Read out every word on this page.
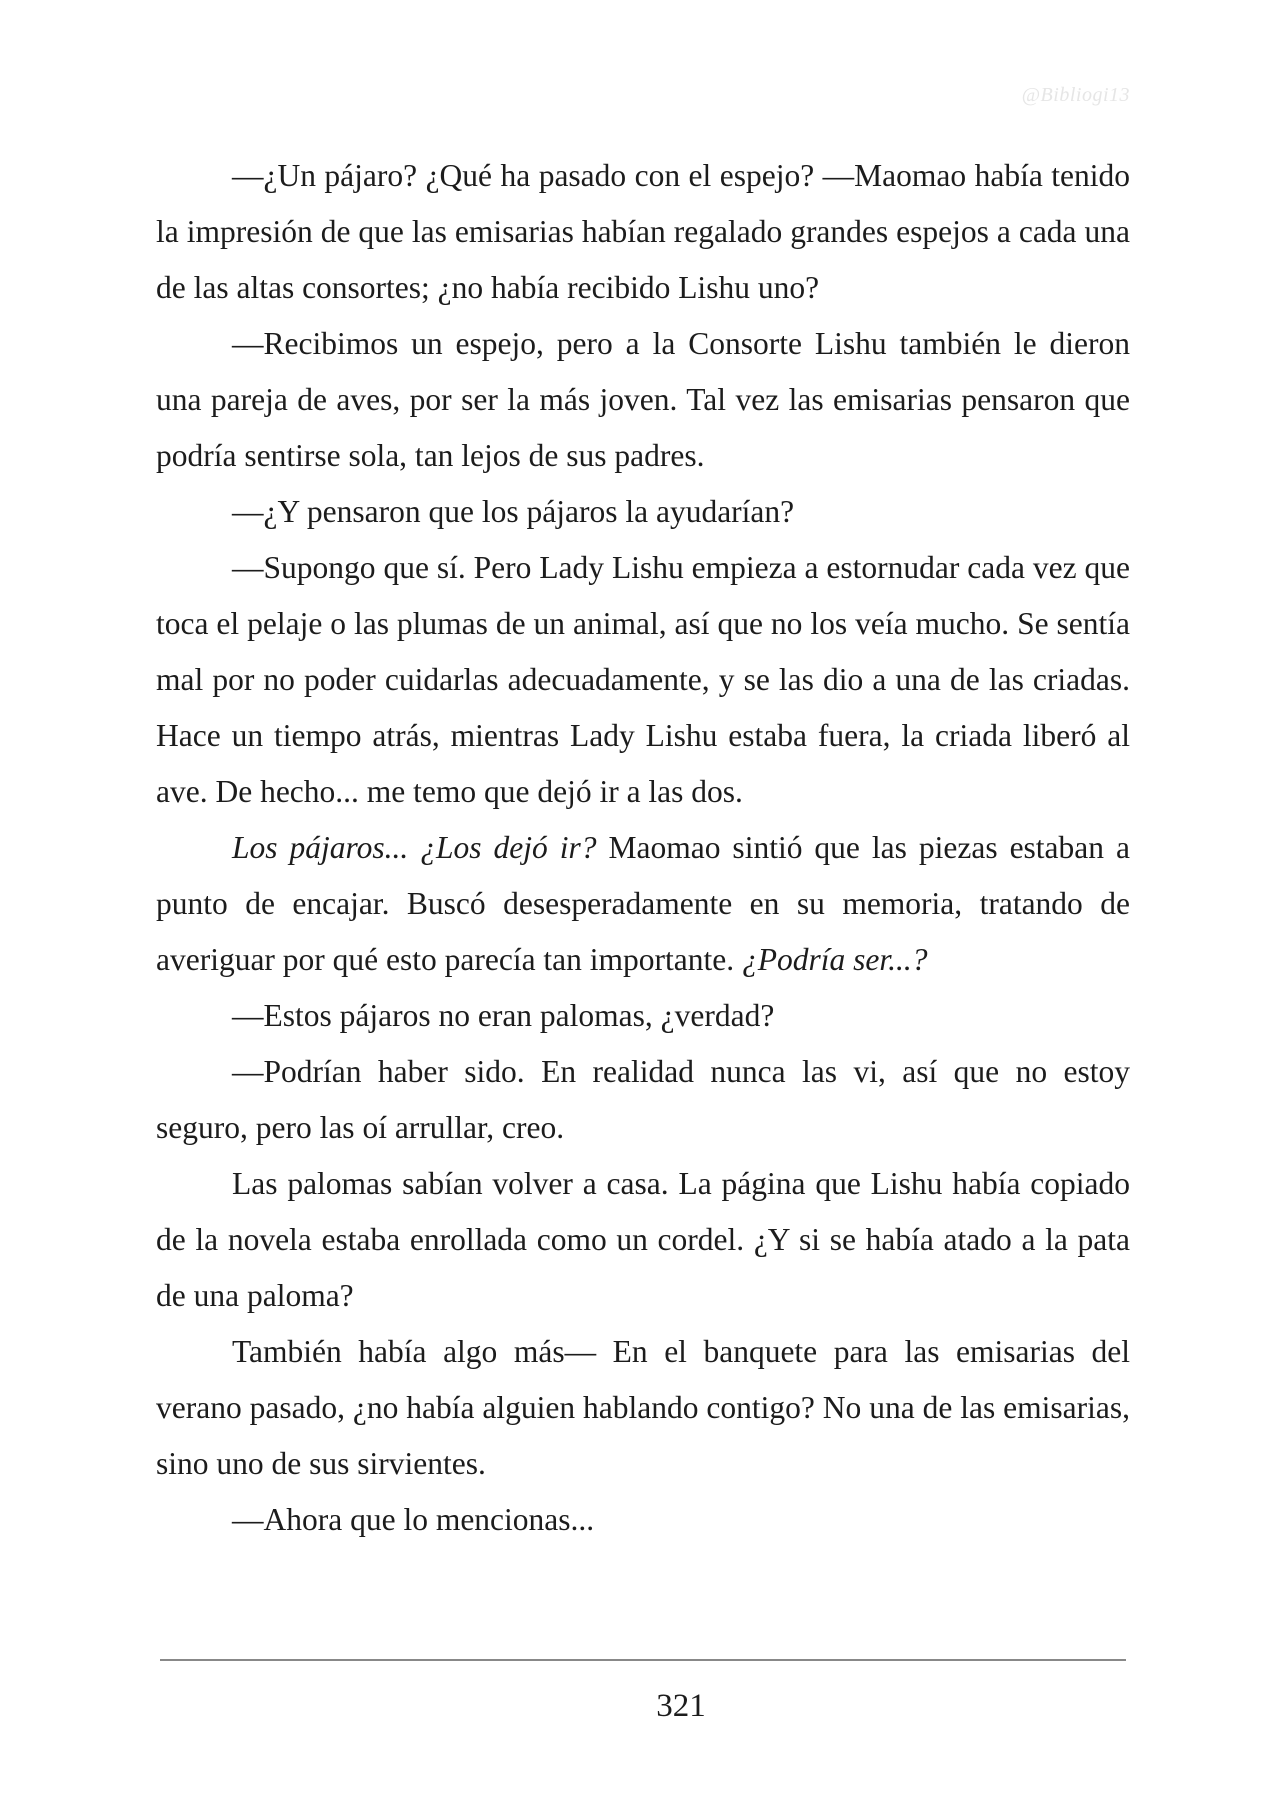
@Bibliogi13

—¿Un pájaro? ¿Qué ha pasado con el espejo? —Maomao había tenido la impresión de que las emisarias habían regalado grandes espejos a cada una de las altas consortes; ¿no había recibido Lishu uno?

—Recibimos un espejo, pero a la Consorte Lishu también le dieron una pareja de aves, por ser la más joven. Tal vez las emisarias pensaron que podría sentirse sola, tan lejos de sus padres.

—¿Y pensaron que los pájaros la ayudarían?

—Supongo que sí. Pero Lady Lishu empieza a estornudar cada vez que toca el pelaje o las plumas de un animal, así que no los veía mucho. Se sentía mal por no poder cuidarlas adecuadamente, y se las dio a una de las criadas. Hace un tiempo atrás, mientras Lady Lishu estaba fuera, la criada liberó al ave. De hecho... me temo que dejó ir a las dos.

Los pájaros... ¿Los dejó ir? Maomao sintió que las piezas estaban a punto de encajar. Buscó desesperadamente en su memoria, tratando de averiguar por qué esto parecía tan importante. ¿Podría ser...?

—Estos pájaros no eran palomas, ¿verdad?

—Podrían haber sido. En realidad nunca las vi, así que no estoy seguro, pero las oí arrullar, creo.

Las palomas sabían volver a casa. La página que Lishu había copiado de la novela estaba enrollada como un cordel. ¿Y si se había atado a la pata de una paloma?

También había algo más— En el banquete para las emisarias del verano pasado, ¿no había alguien hablando contigo? No una de las emisarias, sino uno de sus sirvientes.

—Ahora que lo mencionas...

321
